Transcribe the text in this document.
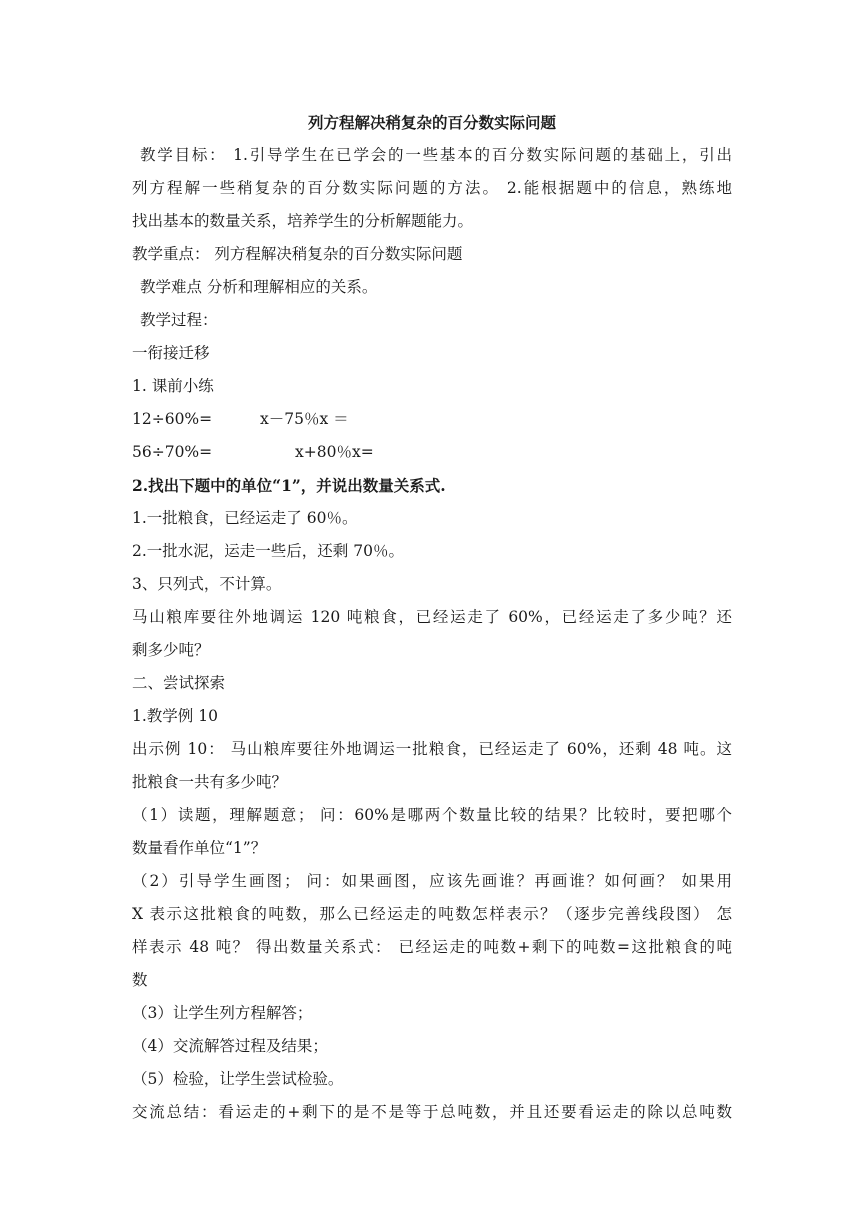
列方程解决稍复杂的百分数实际问题
教学目标： 1.引导学生在已学会的一些基本的百分数实际问题的基础上，引出
列方程解一些稍复杂的百分数实际问题的方法。 2.能根据题中的信息，熟练地
找出基本的数量关系，培养学生的分析解题能力。
教学重点： 列方程解决稍复杂的百分数实际问题
教学难点 分析和理解相应的关系。
教学过程：
一衔接迁移
1. 课前小练
12÷60%=	x－75％x ＝
56÷70%=	x+80％x=
2.找出下题中的单位“1”，并说出数量关系式.
1.一批粮食，已经运走了 60％。
2.一批水泥，运走一些后，还剩 70％。
3、只列式，不计算。
马山粮库要往外地调运 120 吨粮食，已经运走了 60%，已经运走了多少吨？还
剩多少吨？
二、尝试探索
1.教学例 10
出示例 10： 马山粮库要往外地调运一批粮食，已经运走了 60%，还剩 48 吨。这
批粮食一共有多少吨？
（1）读题，理解题意； 问：60%是哪两个数量比较的结果？比较时，要把哪个
数量看作单位“1”？
（2）引导学生画图； 问：如果画图，应该先画谁？再画谁？如何画？ 如果用
X 表示这批粮食的吨数，那么已经运走的吨数怎样表示？（逐步完善线段图） 怎
样表示 48 吨？ 得出数量关系式： 已经运走的吨数+剩下的吨数=这批粮食的吨
数
（3）让学生列方程解答；
（4）交流解答过程及结果；
（5）检验，让学生尝试检验。
交流总结：看运走的+剩下的是不是等于总吨数，并且还要看运走的除以总吨数
